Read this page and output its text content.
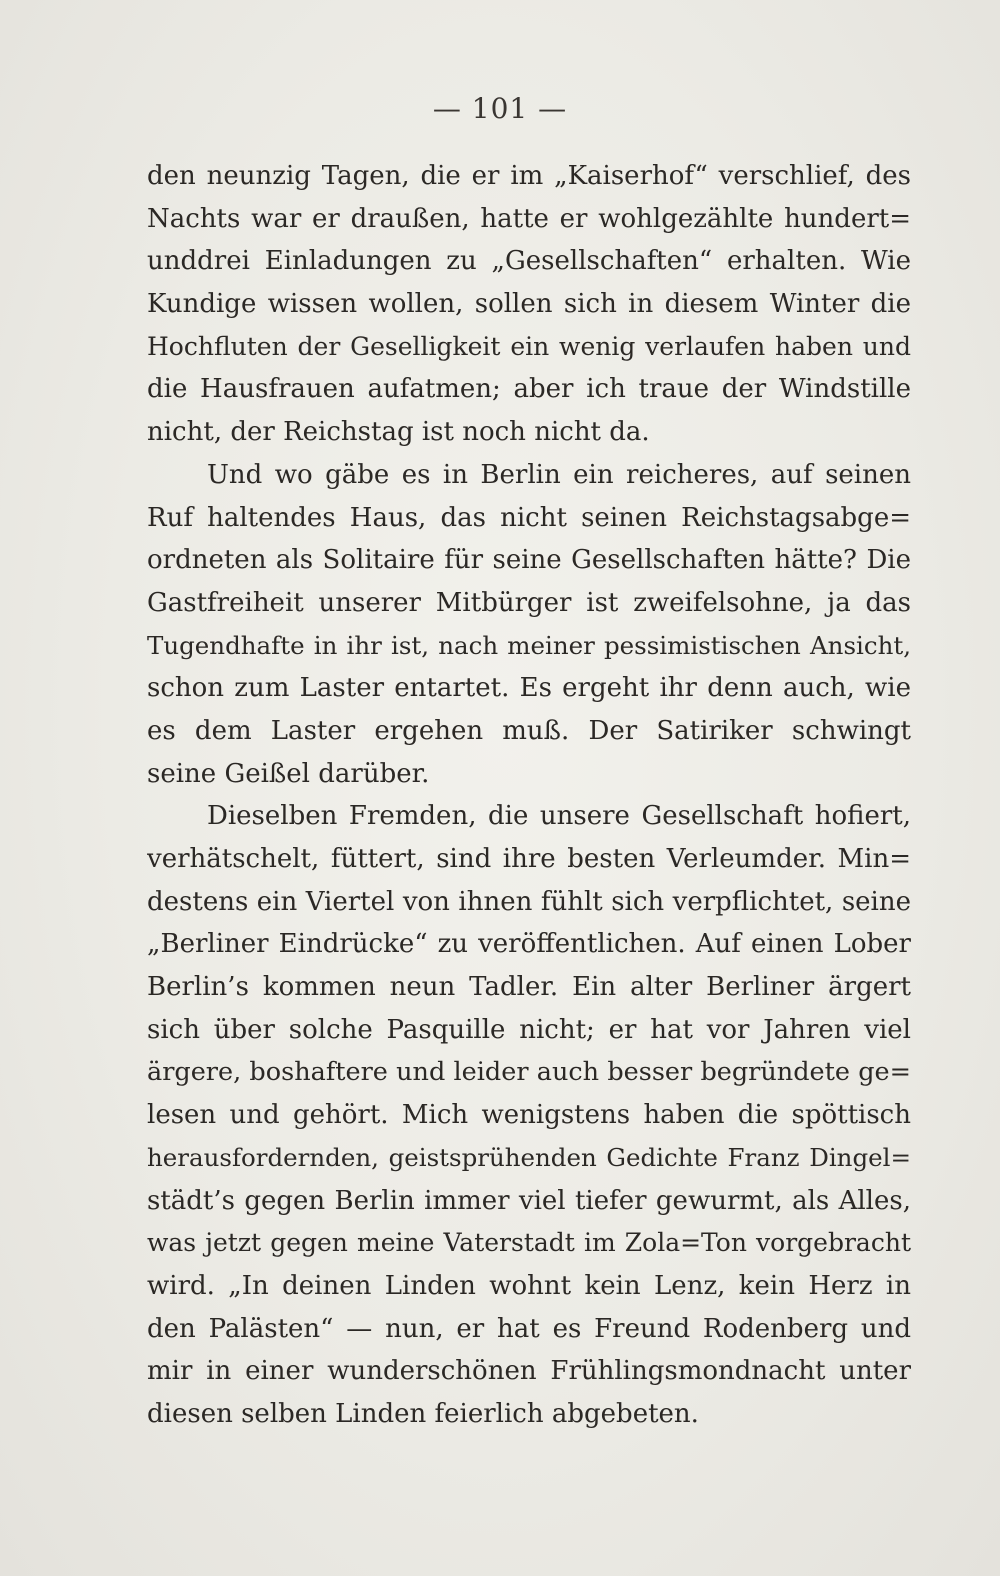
— 101 —
den neunzig Tagen, die er im „Kaiserhof“ verschlief, des
Nachts war er draußen, hatte er wohlgezählte hundert=
unddrei Einladungen zu „Gesellschaften“ erhalten. Wie
Kundige wissen wollen, sollen sich in diesem Winter die
Hochfluten der Geselligkeit ein wenig verlaufen haben und
die Hausfrauen aufatmen; aber ich traue der Windstille
nicht, der Reichstag ist noch nicht da.
Und wo gäbe es in Berlin ein reicheres, auf seinen
Ruf haltendes Haus, das nicht seinen Reichstagsabge=
ordneten als Solitaire für seine Gesellschaften hätte? Die
Gastfreiheit unserer Mitbürger ist zweifelsohne, ja das
Tugendhafte in ihr ist, nach meiner pessimistischen Ansicht,
schon zum Laster entartet. Es ergeht ihr denn auch, wie
es dem Laster ergehen muß. Der Satiriker schwingt
seine Geißel darüber.
Dieselben Fremden, die unsere Gesellschaft hofiert,
verhätschelt, füttert, sind ihre besten Verleumder. Min=
destens ein Viertel von ihnen fühlt sich verpflichtet, seine
„Berliner Eindrücke“ zu veröffentlichen. Auf einen Lober
Berlin’s kommen neun Tadler. Ein alter Berliner ärgert
sich über solche Pasquille nicht; er hat vor Jahren viel
ärgere, boshaftere und leider auch besser begründete ge=
lesen und gehört. Mich wenigstens haben die spöttisch
herausfordernden, geistsprühenden Gedichte Franz Dingel=
städt’s gegen Berlin immer viel tiefer gewurmt, als Alles,
was jetzt gegen meine Vaterstadt im Zola=Ton vorgebracht
wird. „In deinen Linden wohnt kein Lenz, kein Herz in
den Palästen“ — nun, er hat es Freund Rodenberg und
mir in einer wunderschönen Frühlingsmondnacht unter
diesen selben Linden feierlich abgebeten.
